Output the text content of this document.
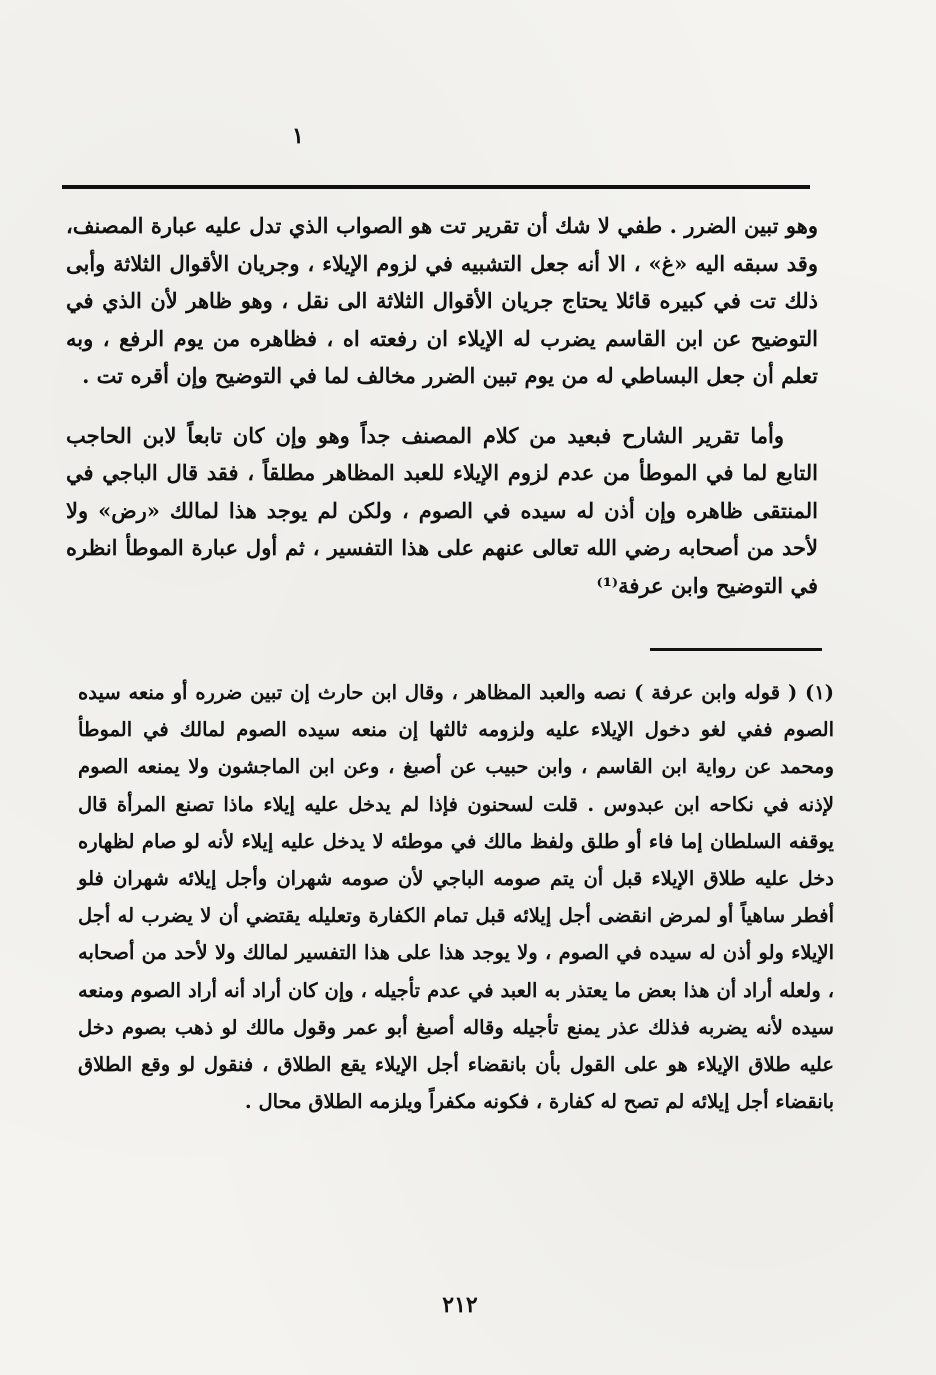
١

وهو تبين الضرر . طفي لا شك أن تقرير تت هو الصواب الذي تدل عليه عبارة المصنف، وقد سبقه اليه «غ» ، الا أنه جعل التشبيه في لزوم الإيلاء ، وجريان الأقوال الثلاثة وأبى ذلك تت في كبيره قائلا يحتاج جريان الأقوال الثلاثة الى نقل ، وهو ظاهر لأن الذي في التوضيح عن ابن القاسم يضرب له الإيلاء ان رفعته اه ، فظاهره من يوم الرفع ، وبه تعلم أن جعل البساطي له من يوم تبين الضرر مخالف لما في التوضيح وإن أقره تت .

وأما تقرير الشارح فبعيد من كلام المصنف جداً وهو وإن كان تابعاً لابن الحاجب التابع لما في الموطأ من عدم لزوم الإيلاء للعبد المظاهر مطلقاً ، فقد قال الباجي في المنتقى ظاهره وإن أذن له سيده في الصوم ، ولكن لم يوجد هذا لمالك «رض» ولا لأحد من أصحابه رضي الله تعالى عنهم على هذا التفسير ، ثم أول عبارة الموطأ انظره في التوضيح وابن عرفة⁽¹⁾

(١) ( قوله وابن عرفة ) نصه والعبد المظاهر ، وقال ابن حارث إن تبين ضرره أو منعه سيده الصوم ففي لغو دخول الإيلاء عليه ولزومه ثالثها إن منعه سيده الصوم لمالك في الموطأ ومحمد عن رواية ابن القاسم ، وابن حبيب عن أصبغ ، وعن ابن الماجشون ولا يمنعه الصوم لإذنه في نكاحه ابن عبدوس . قلت لسحنون فإذا لم يدخل عليه إيلاء ماذا تصنع المرأة قال يوقفه السلطان إما فاء أو طلق ولفظ مالك في موطئه لا يدخل عليه إيلاء لأنه لو صام لظهاره دخل عليه طلاق الإيلاء قبل أن يتم صومه الباجي لأن صومه شهران وأجل إيلائه شهران فلو أفطر ساهياً أو لمرض انقضى أجل إيلائه قبل تمام الكفارة وتعليله يقتضي أن لا يضرب له أجل الإيلاء ولو أذن له سيده في الصوم ، ولا يوجد هذا على هذا التفسير لمالك ولا لأحد من أصحابه ، ولعله أراد أن هذا بعض ما يعتذر به العبد في عدم تأجيله ، وإن كان أراد أنه أراد الصوم ومنعه سيده لأنه يضربه فذلك عذر يمنع تأجيله وقاله أصبغ أبو عمر وقول مالك لو ذهب بصوم دخل عليه طلاق الإيلاء هو على القول بأن بانقضاء أجل الإيلاء يقع الطلاق ، فنقول لو وقع الطلاق بانقضاء أجل إيلائه لم تصح له كفارة ، فكونه مكفراً ويلزمه الطلاق محال .

٢١٢
